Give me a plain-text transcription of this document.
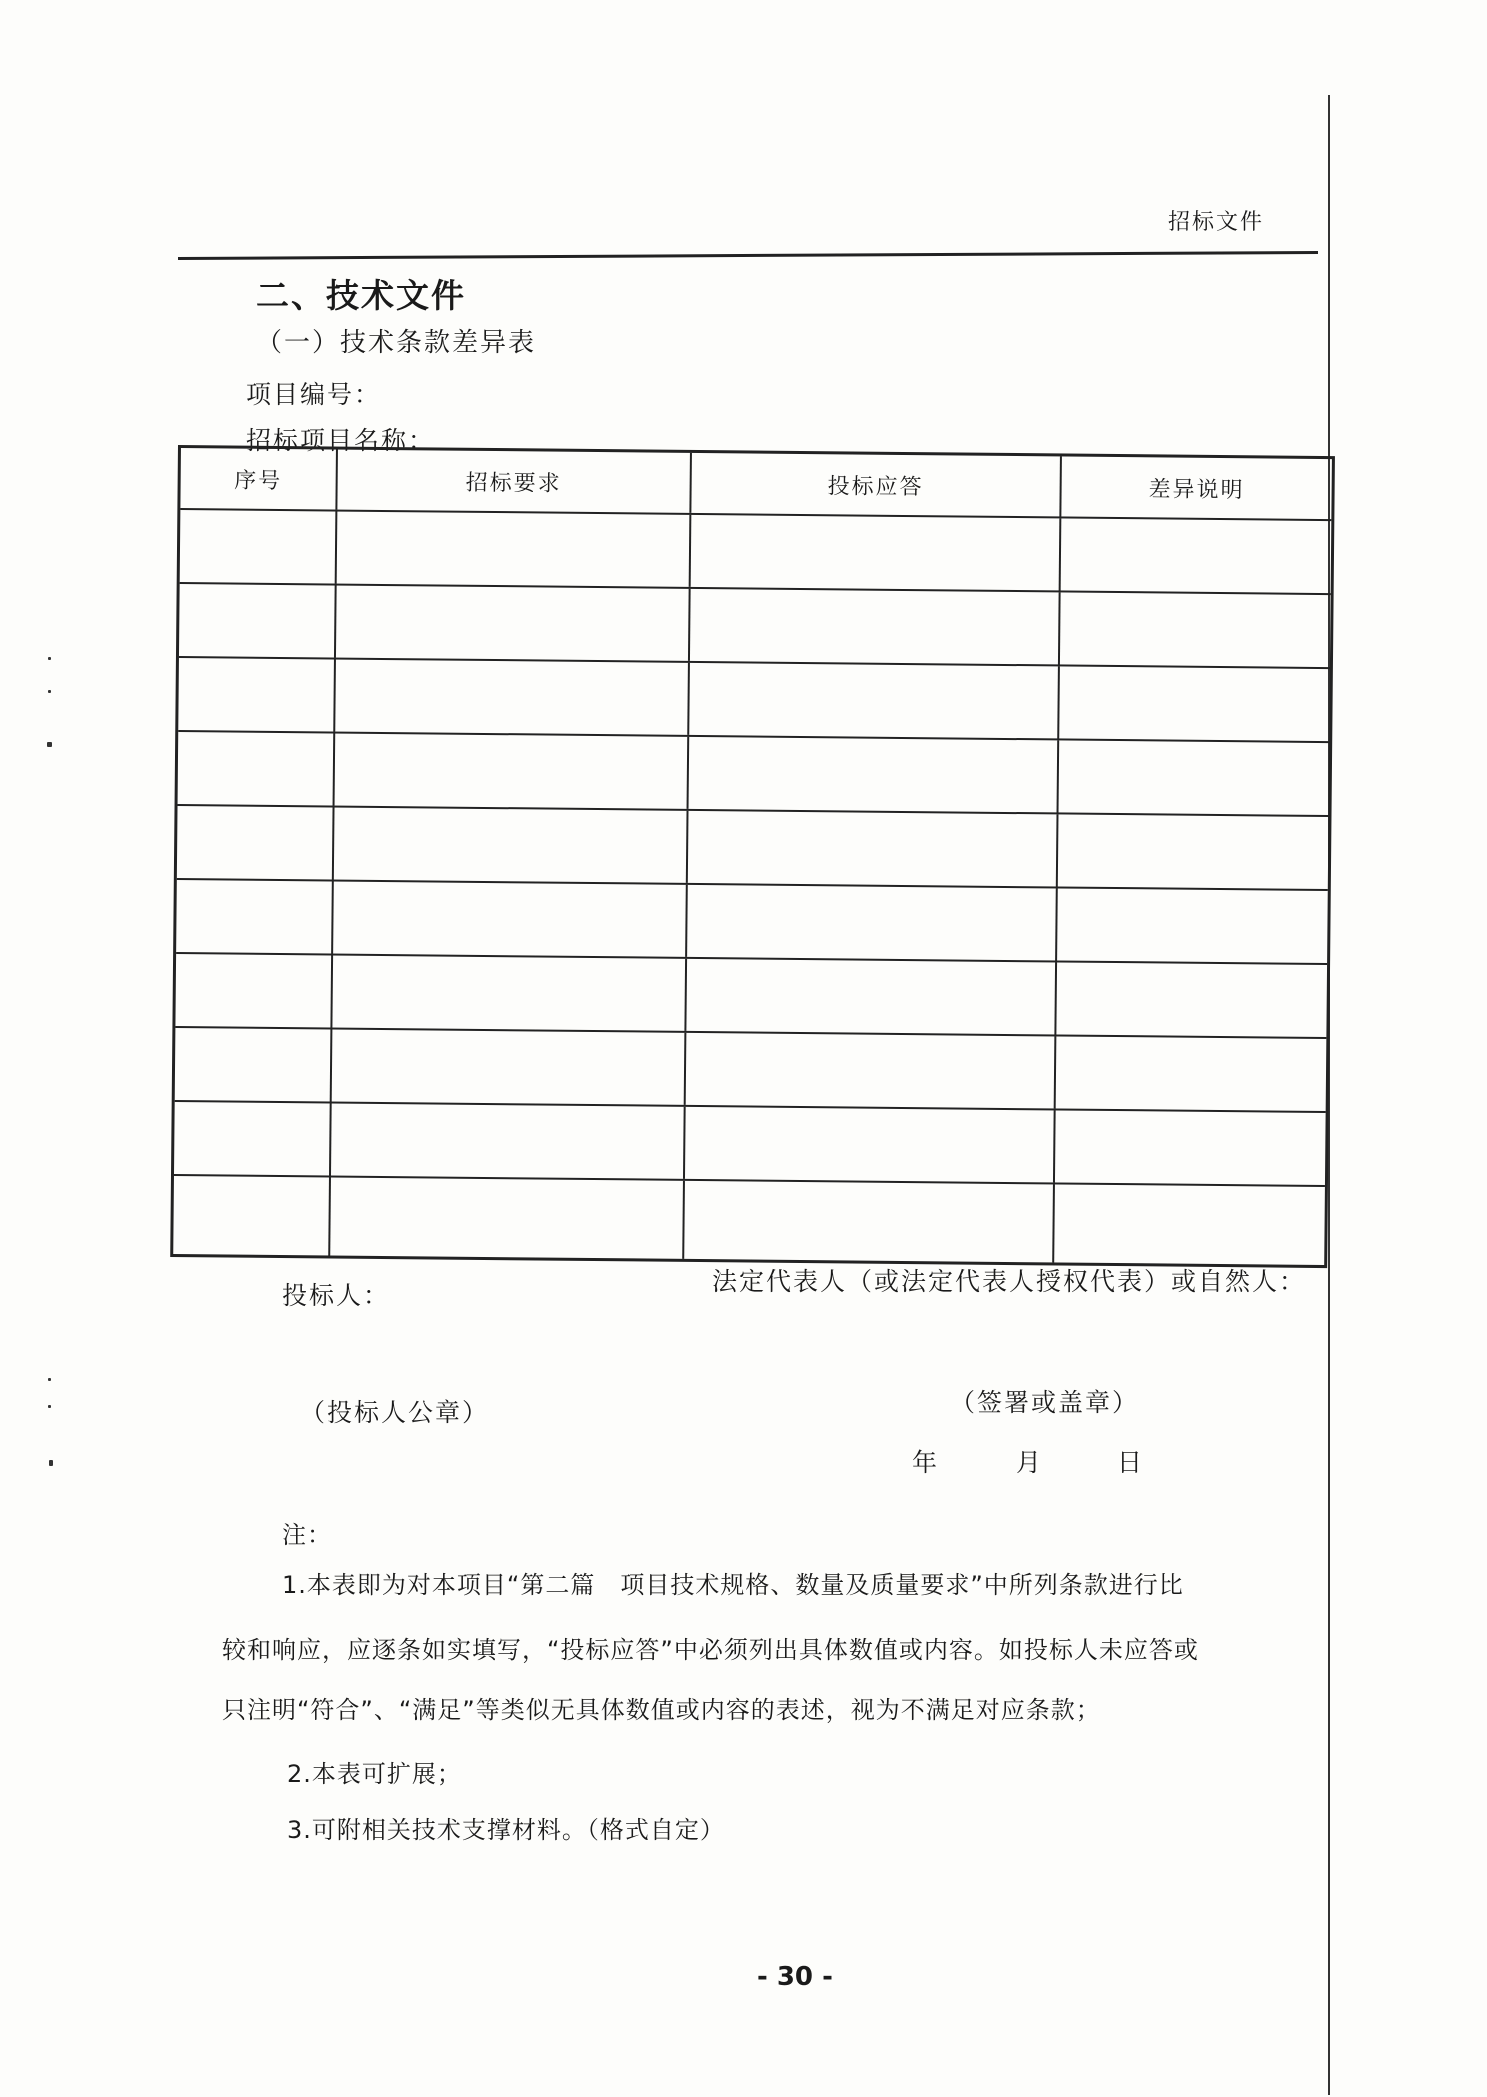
招标文件
二、技术文件
（一）技术条款差异表
项目编号：
招标项目名称：
序号	招标要求	投标应答	差异说明
投标人：	法定代表人（或法定代表人授权代表）或自然人：
（投标人公章）	（签署或盖章）
年	月	日
注：
1.本表即为对本项目“第二篇　项目技术规格、数量及质量要求”中所列条款进行比
较和响应，应逐条如实填写，“投标应答”中必须列出具体数值或内容。如投标人未应答或
只注明“符合”、“满足”等类似无具体数值或内容的表述，视为不满足对应条款；
2.本表可扩展；
3.可附相关技术支撑材料。（格式自定）
- 30 -
